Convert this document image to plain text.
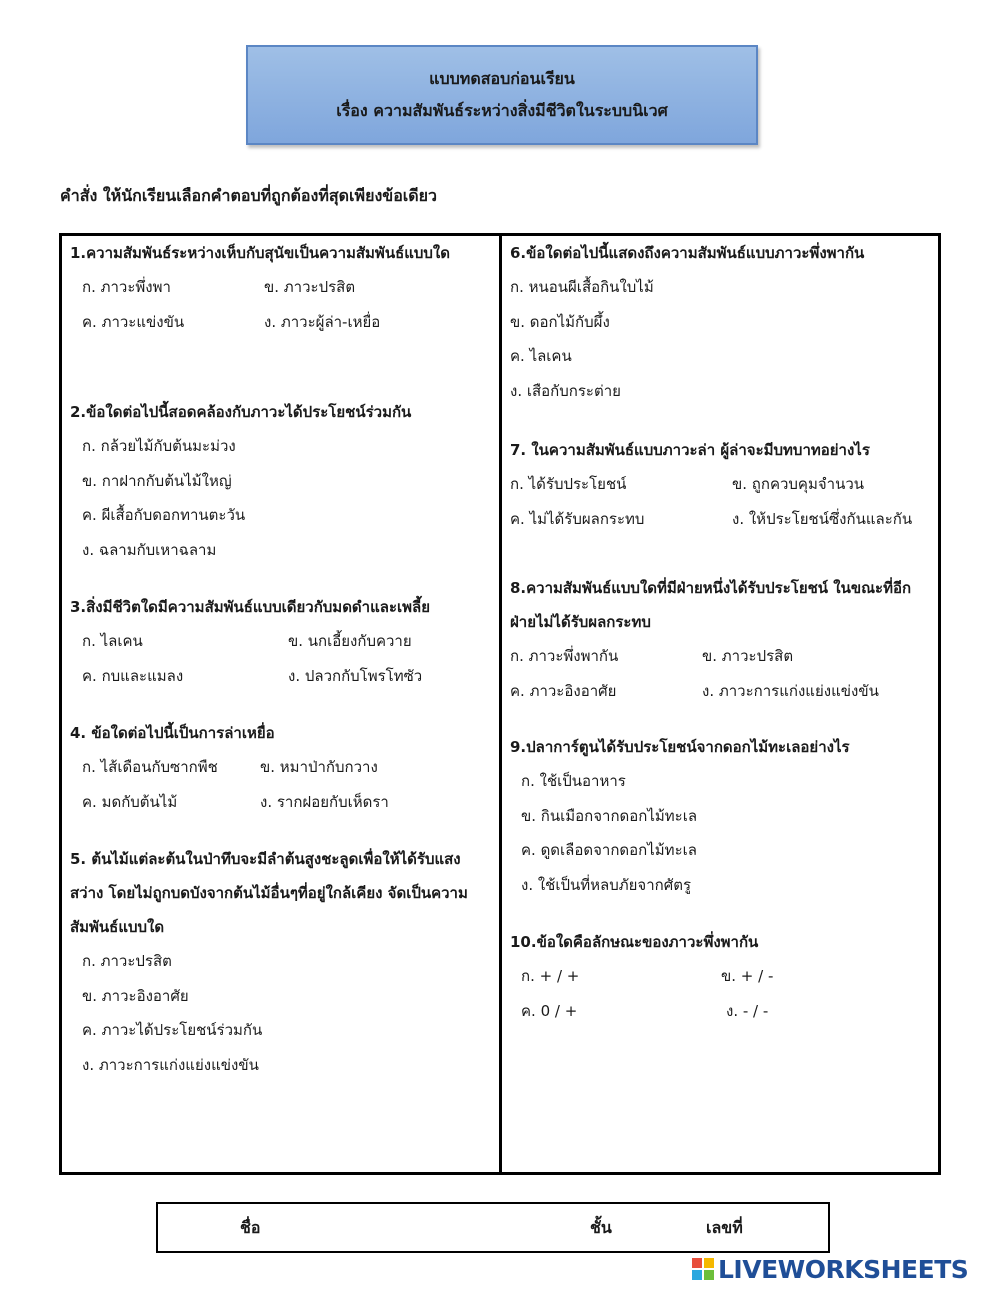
แบบทดสอบก่อนเรียน
เรื่อง ความสัมพันธ์ระหว่างสิ่งมีชีวิตในระบบนิเวศ
คำสั่ง ให้นักเรียนเลือกคำตอบที่ถูกต้องที่สุดเพียงข้อเดียว
1.ความสัมพันธ์ระหว่างเห็บกับสุนัขเป็นความสัมพันธ์แบบใด
ก. ภาวะพึ่งพา	ข. ภาวะปรสิต
ค. ภาวะแข่งขัน	ง. ภาวะผู้ล่า-เหยื่อ
2.ข้อใดต่อไปนี้สอดคล้องกับภาวะได้ประโยชน์ร่วมกัน
ก. กล้วยไม้กับต้นมะม่วง
ข. กาฝากกับต้นไม้ใหญ่
ค. ผีเสื้อกับดอกทานตะวัน
ง. ฉลามกับเหาฉลาม
3.สิ่งมีชีวิตใดมีความสัมพันธ์แบบเดียวกับมดดำและเพลี้ย
ก. ไลเคน	ข. นกเอี้ยงกับควาย
ค. กบและแมลง	ง. ปลวกกับโพรโทซัว
4. ข้อใดต่อไปนี้เป็นการล่าเหยื่อ
ก. ไส้เดือนกับซากพืช	ข. หมาป่ากับกวาง
ค. มดกับต้นไม้	ง. รากฝอยกับเห็ดรา
5. ต้นไม้แต่ละต้นในป่าทึบจะมีลำต้นสูงชะลูดเพื่อให้ได้รับแสงสว่าง โดยไม่ถูกบดบังจากต้นไม้อื่นๆที่อยู่ใกล้เคียง จัดเป็นความสัมพันธ์แบบใด
ก. ภาวะปรสิต
ข. ภาวะอิงอาศัย
ค. ภาวะได้ประโยชน์ร่วมกัน
ง. ภาวะการแก่งแย่งแข่งขัน
6.ข้อใดต่อไปนี้แสดงถึงความสัมพันธ์แบบภาวะพึ่งพากัน
ก. หนอนผีเสื้อกินใบไม้
ข. ดอกไม้กับผึ้ง
ค. ไลเคน
ง. เสือกับกระต่าย
7. ในความสัมพันธ์แบบภาวะล่า ผู้ล่าจะมีบทบาทอย่างไร
ก. ได้รับประโยชน์	ข. ถูกควบคุมจำนวน
ค. ไม่ได้รับผลกระทบ	ง. ให้ประโยชน์ซึ่งกันและกัน
8.ความสัมพันธ์แบบใดที่มีฝ่ายหนึ่งได้รับประโยชน์ ในขณะที่อีกฝ่ายไม่ได้รับผลกระทบ
ก. ภาวะพึ่งพากัน	ข. ภาวะปรสิต
ค. ภาวะอิงอาศัย	ง. ภาวะการแก่งแย่งแข่งขัน
9.ปลาการ์ตูนได้รับประโยชน์จากดอกไม้ทะเลอย่างไร
ก. ใช้เป็นอาหาร
ข. กินเมือกจากดอกไม้ทะเล
ค. ดูดเลือดจากดอกไม้ทะเล
ง. ใช้เป็นที่หลบภัยจากศัตรู
10.ข้อใดคือลักษณะของภาวะพึ่งพากัน
ก. + / +	ข. + / -
ค. 0 / +	ง. - / -
ชื่อ	ชั้น	เลขที่
LIVEWORKSHEETS
